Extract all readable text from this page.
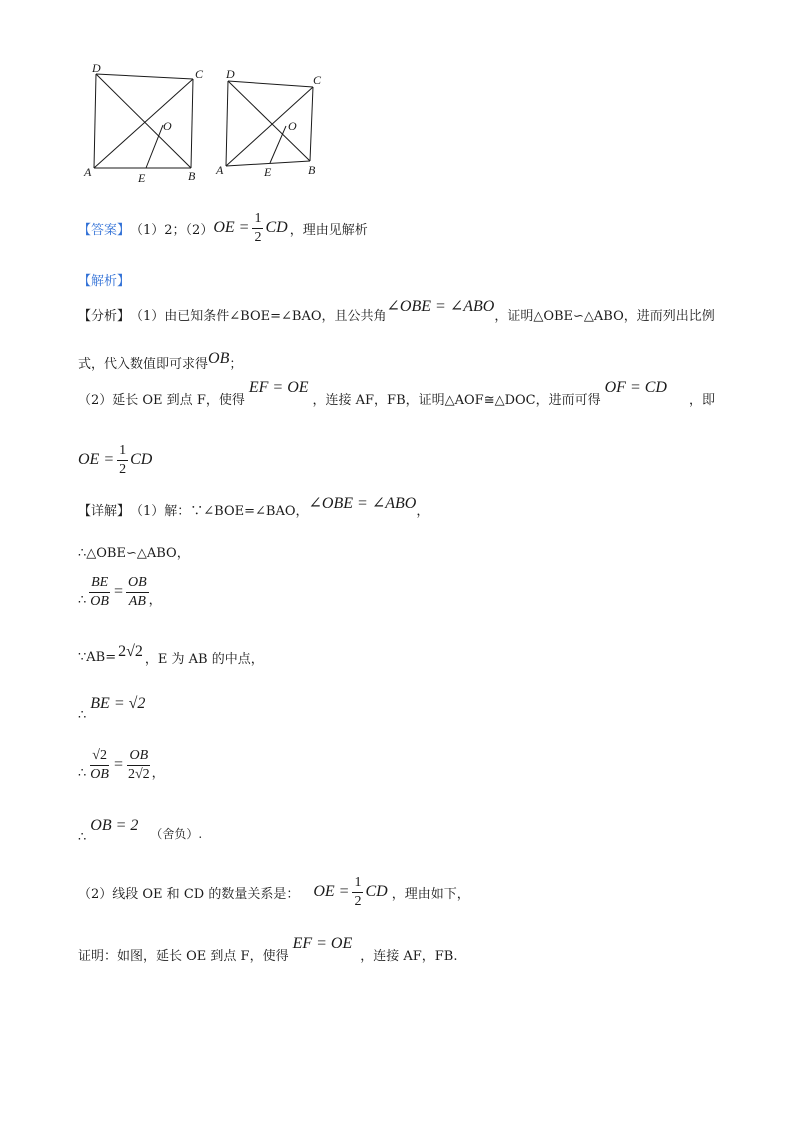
D	C
O
A	E	B
D	C
O
A	E	B
【答案】 （1）2；（2） OE = $\frac{1}{2}$ CD ，理由见解析
【解析】
【分析】 （1）由已知条件∠BOE=∠BAO，且公共角
∠OBE = ∠ABO
，证明△OBE∽△ABO，进而列出比例
式，代入数值即可求得 OB ；
（2）延长 OE 到点 F，使得
EF = OE
，连接 AF，FB，证明△AOF≅△DOC，进而可得
OF = CD
，即
OE = $\frac{1}{2}$ CD
【详解】 （1）解：∵∠BOE=∠BAO， ∠OBE = ∠ABO ，
∴△OBE∽△ABO，
∴ $\frac{BE}{OB} = \frac{OB}{AB}$ ，
∵AB= 2√2 ，E 为 AB 的中点，
∴
BE = √2
∴ $\frac{√2}{OB} = \frac{OB}{2√2}$ ，
∴
OB = 2 （舍负）.
（2）线段 OE 和 CD 的数量关系是： OE = $\frac{1}{2}$ CD ，理由如下，
证明：如图，延长 OE 到点 F，使得
EF = OE
，连接 AF，FB.
